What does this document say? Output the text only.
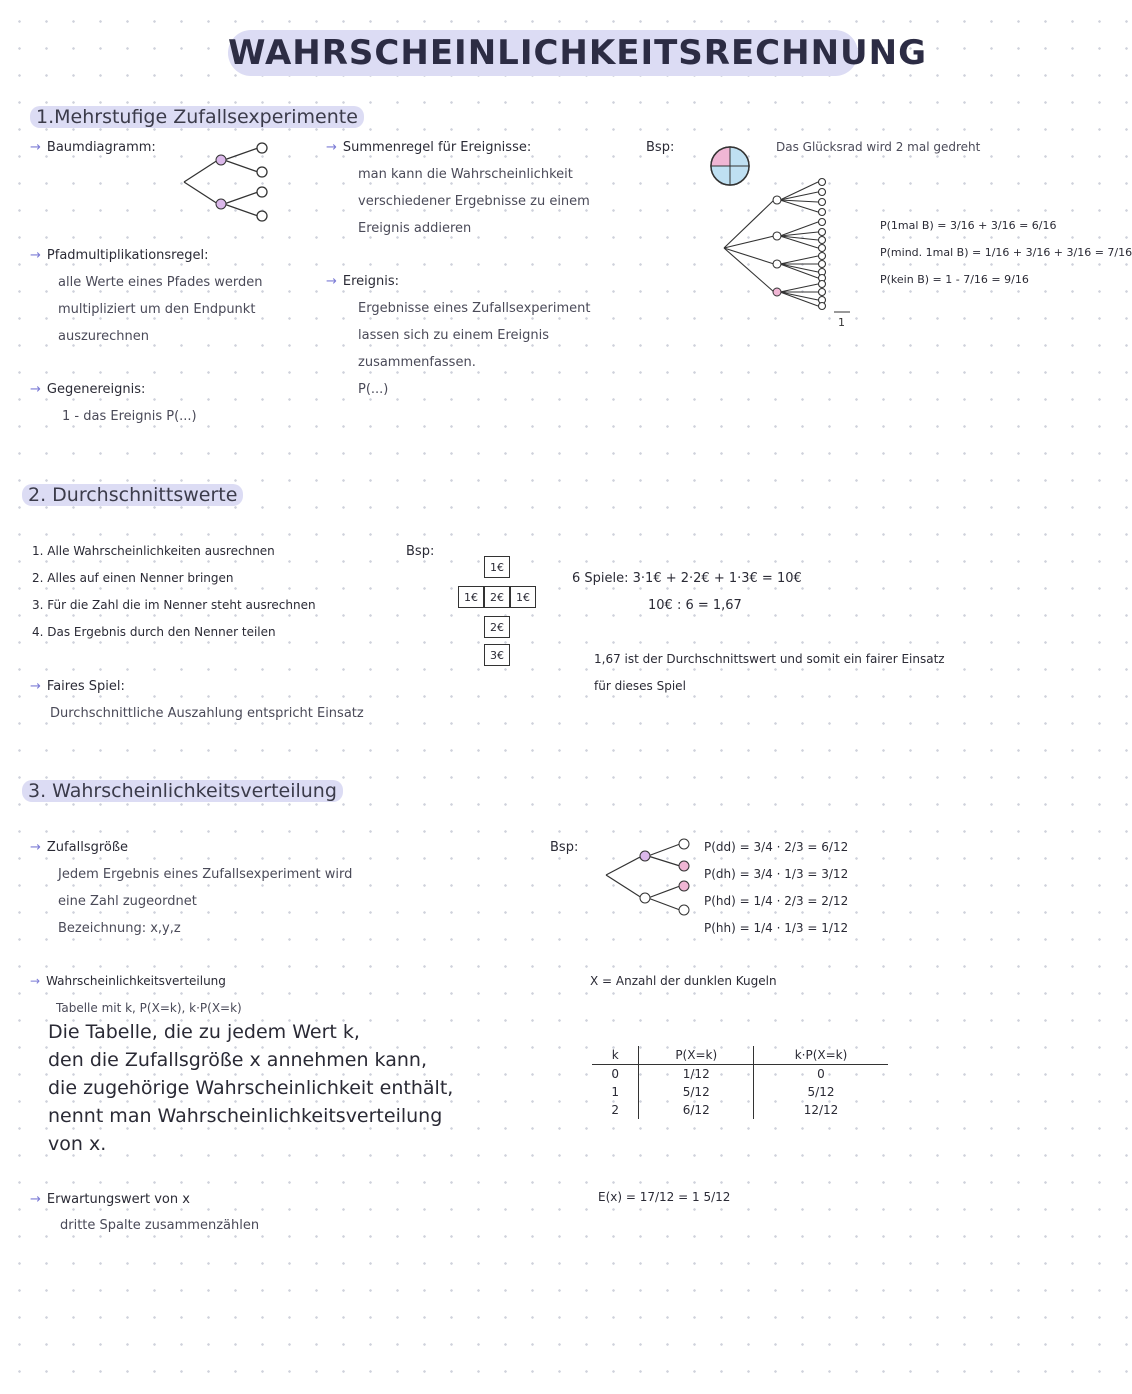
WAHRSCHEINLICHKEITSRECHNUNG
1.Mehrstufige Zufallsexperimente
→ Baumdiagramm:
→ Pfadmultiplikationsregel:
alle Werte eines Pfades werden
multipliziert um den Endpunkt
auszurechnen
→ Gegenereignis:
1 - das Ereignis P(...)
→ Summenregel für Ereignisse:
man kann die Wahrscheinlichkeit
verschiedener Ergebnisse zu einem
Ereignis addieren
→ Ereignis:
Ergebnisse eines Zufallsexperiment
lassen sich zu einem Ereignis
zusammenfassen.
P(...)
Bsp:	Das Glücksrad wird 2 mal gedreht
1
P(1mal B) = 3/16 + 3/16 = 6/16
P(mind. 1mal B) = 1/16 + 3/16 + 3/16 = 7/16
P(kein B) = 1 - 7/16 = 9/16
2. Durchschnittswerte
1. Alle Wahrscheinlichkeiten ausrechnen
2. Alles auf einen Nenner bringen
3. Für die Zahl die im Nenner steht ausrechnen
4. Das Ergebnis durch den Nenner teilen
→ Faires Spiel:
Durchschnittliche Auszahlung entspricht Einsatz
Bsp:
1€
1€	2€	1€
2€
3€
6 Spiele: 3·1€ + 2·2€ + 1·3€ = 10€
10€ : 6 = 1,67
1,67 ist der Durchschnittswert und somit ein fairer Einsatz
für dieses Spiel
3. Wahrscheinlichkeitsverteilung
→ Zufallsgröße
Jedem Ergebnis eines Zufallsexperiment wird
eine Zahl zugeordnet
Bezeichnung: x,y,z
→ Wahrscheinlichkeitsverteilung
Tabelle mit k, P(X=k), k·P(X=k)
Die Tabelle, die zu jedem Wert k,
den die Zufallsgröße x annehmen kann,
die zugehörige Wahrscheinlichkeit enthält,
nennt man Wahrscheinlichkeitsverteilung
von x.
→ Erwartungswert von x
dritte Spalte zusammenzählen
Bsp:	P(dd) = 3/4 · 2/3 = 6/12
P(dh) = 3/4 · 1/3 = 3/12
P(hd) = 1/4 · 2/3 = 2/12
P(hh) = 1/4 · 1/3 = 1/12
X = Anzahl der dunklen Kugeln
k	P(X=k)	k·P(X=k)
0	1/12	0
1	5/12	5/12
2	6/12	12/12
E(x) = 17/12 = 1 5/12
